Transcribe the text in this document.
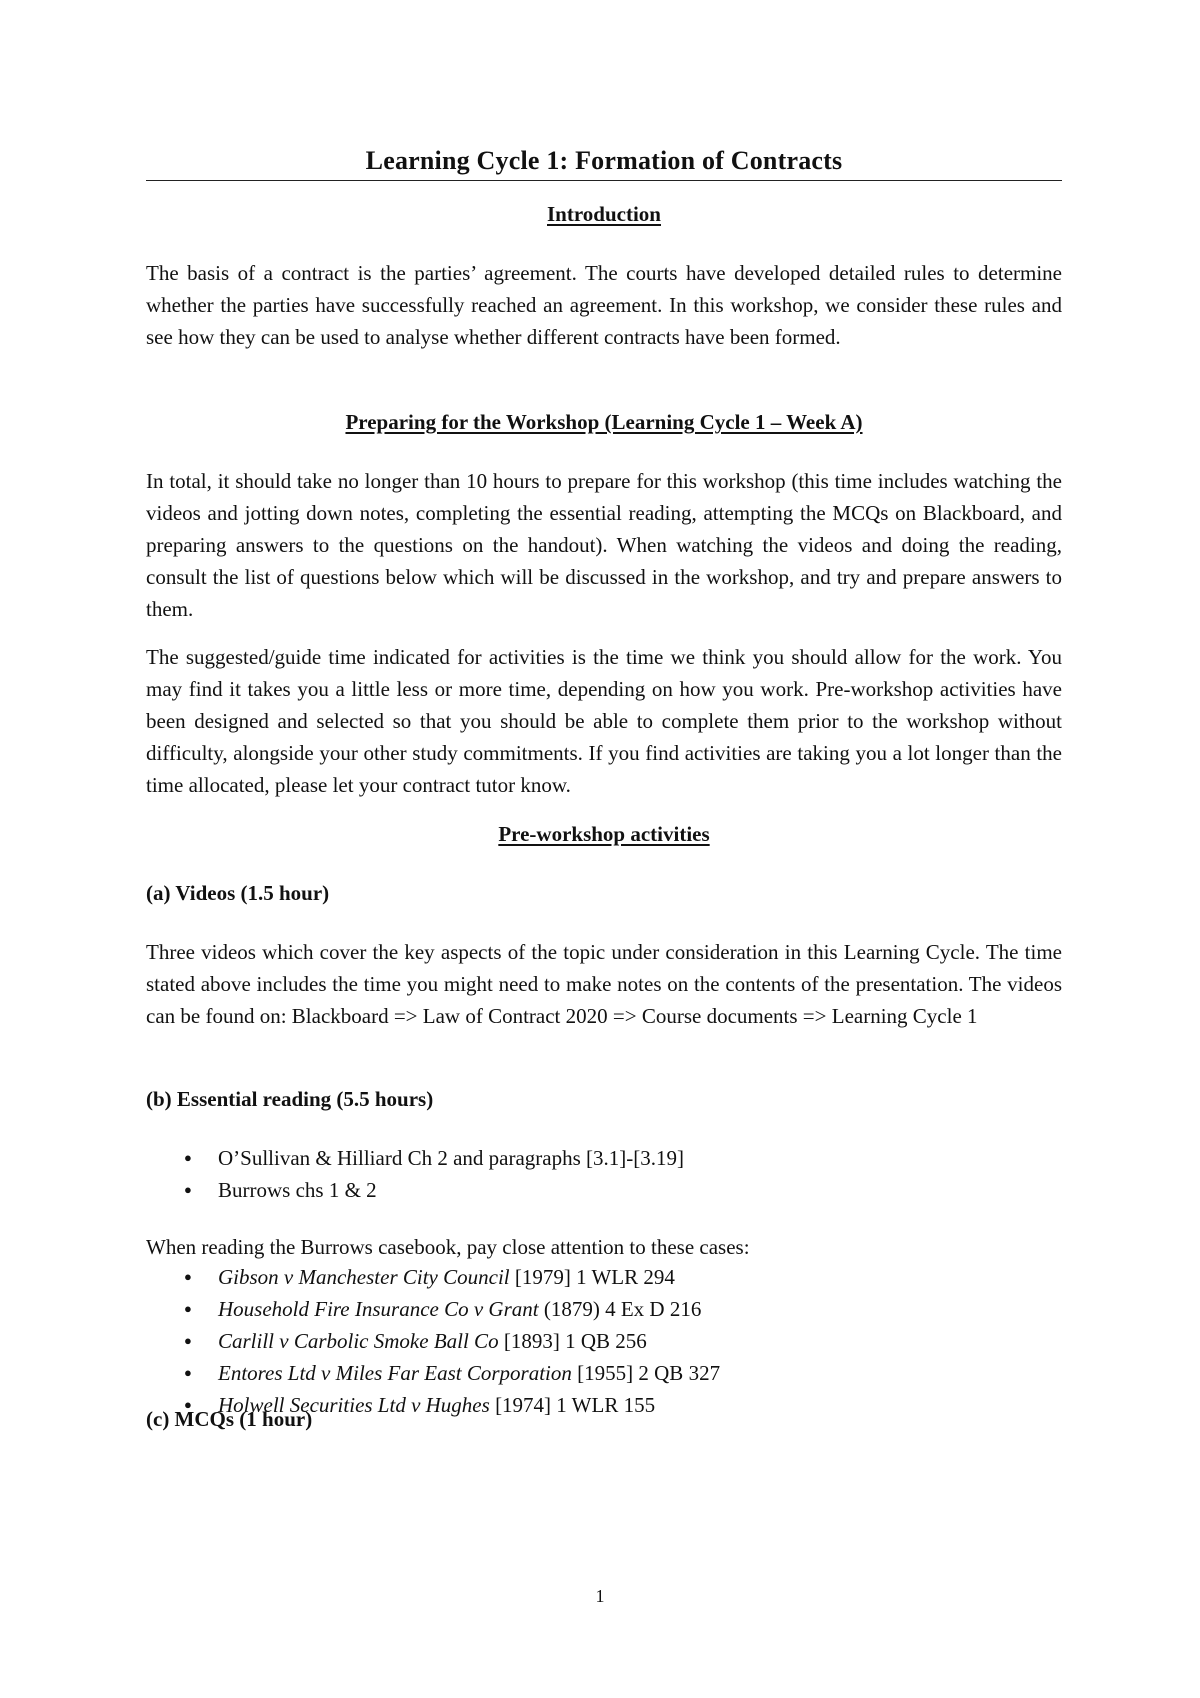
Learning Cycle 1: Formation of Contracts
Introduction
The basis of a contract is the parties’ agreement. The courts have developed detailed rules to determine whether the parties have successfully reached an agreement. In this workshop, we consider these rules and see how they can be used to analyse whether different contracts have been formed.
Preparing for the Workshop (Learning Cycle 1 – Week A)
In total, it should take no longer than 10 hours to prepare for this workshop (this time includes watching the videos and jotting down notes, completing the essential reading, attempting the MCQs on Blackboard, and preparing answers to the questions on the handout). When watching the videos and doing the reading, consult the list of questions below which will be discussed in the workshop, and try and prepare answers to them.
The suggested/guide time indicated for activities is the time we think you should allow for the work. You may find it takes you a little less or more time, depending on how you work. Pre-workshop activities have been designed and selected so that you should be able to complete them prior to the workshop without difficulty, alongside your other study commitments. If you find activities are taking you a lot longer than the time allocated, please let your contract tutor know.
Pre-workshop activities
(a) Videos (1.5 hour)
Three videos which cover the key aspects of the topic under consideration in this Learning Cycle. The time stated above includes the time you might need to make notes on the contents of the presentation. The videos can be found on: Blackboard => Law of Contract 2020 => Course documents => Learning Cycle 1
(b) Essential reading (5.5 hours)
● O’Sullivan & Hilliard Ch 2 and paragraphs [3.1]-[3.19]
● Burrows chs 1 & 2
When reading the Burrows casebook, pay close attention to these cases:
● Gibson v Manchester City Council [1979] 1 WLR 294
● Household Fire Insurance Co v Grant (1879) 4 Ex D 216
● Carlill v Carbolic Smoke Ball Co [1893] 1 QB 256
● Entores Ltd v Miles Far East Corporation [1955] 2 QB 327
● Holwell Securities Ltd v Hughes [1974] 1 WLR 155
(c) MCQs (1 hour)
1
